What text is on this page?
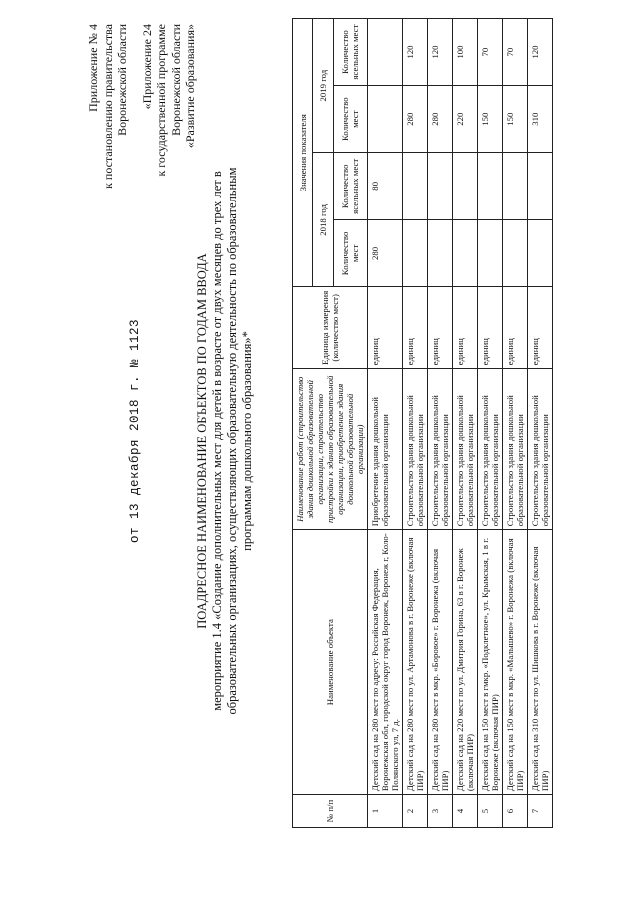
Приложение № 4 к постановлению правительства Воронежской области «Приложение 24 к государственной программе Воронежской области «Развитие образования»
от 13 декабря 2018 г. № 1123	ПОАДРЕСНОЕ НАИМЕНОВАНИЕ ОБЪЕКТОВ ПО ГОДАМ ВВОДА мероприятие 1.4 «Создание дополнительных мест для детей в возрасте от двух месяцев до трех лет в образовательных организациях, осуществляющих образовательную деятельность по образовательным программам дошкольного образования»*
№ п/п	Наименование объекта	Наименование работ (строительство здания дошкольной образовательной организации, строительство пристройки к зданию образовательной организации, приобретение здания дошкольной образовательной организации)	Единица измерения (количество мест)	Значения показателя			
				2018 год		2019 год	
				Количество мест	Количество ясельных мест	Количество мест	Количество ясельных мест
1	Детский сад на 280 мест по адресу: Российская Федерация, Воронежская обл, городской округ город Воронеж, Воронеж г, Коло-Полянского ул, 7 д.	Приобретение здания дошкольной образовательной организации	единиц	280	80		
2	Детский сад на 280 мест по ул. Артамонова в г. Воронеже (включая ПИР)	Строительство здания дошкольной образовательной организации	единиц			280	120
3	Детский сад на 280 мест в мкр. «Боровое» г. Воронежа (включая ПИР)	Строительство здания дошкольной образовательной организации	единиц			280	120
4	Детский сад на 220 мест по ул. Дмитрия Горина, 63 в г. Воронеж (включая ПИР)	Строительство здания дошкольной образовательной организации	единиц			220	100
5	Детский сад на 150 мест в гмкр. «Подклетное», ул. Крымская, 1 в г. Воронеже (включая ПИР)	Строительство здания дошкольной образовательной организации	единиц			150	70
6	Детский сад на 150 мест в мкр. «Малышево» г. Воронежа (включая ПИР)	Строительство здания дошкольной образовательной организации	единиц			150	70
7	Детский сад на 310 мест по ул. Шишкова в г. Воронеже (включая ПИР)	Строительство здания дошкольной образовательной организации	единиц			310	120
